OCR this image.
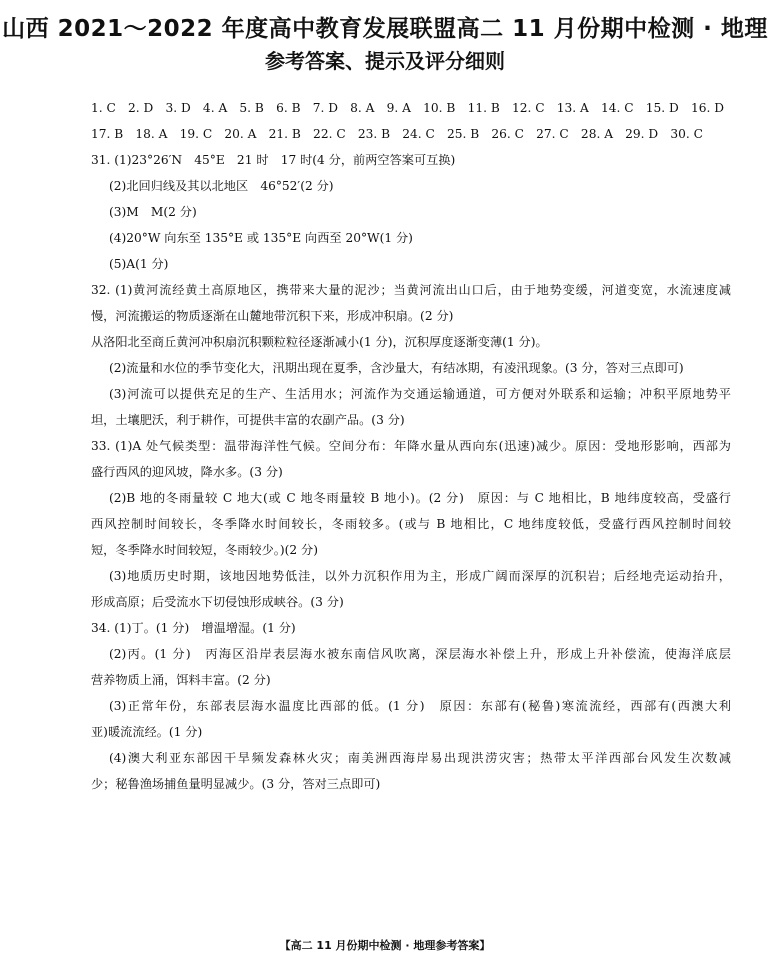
山西 2021～2022 年度高中教育发展联盟高二 11 月份期中检测 · 地理
参考答案、提示及评分细则
1. C　2. D　3. D　4. A　5. B　6. B　7. D　8. A　9. A　10. B　11. B　12. C　13. A　14. C　15. D　16. D
17. B　18. A　19. C　20. A　21. B　22. C　23. B　24. C　25. B　26. C　27. C　28. A　29. D　30. C
31. (1)23°26′N　45°E　21 时　17 时(4 分，前两空答案可互换)
(2)北回归线及其以北地区　46°52′(2 分)
(3)M　M(2 分)
(4)20°W 向东至 135°E 或 135°E 向西至 20°W(1 分)
(5)A(1 分)
32. (1)黄河流经黄土高原地区，携带来大量的泥沙；当黄河流出山口后，由于地势变缓，河道变宽，水流速度减
慢，河流搬运的物质逐渐在山麓地带沉积下来，形成冲积扇。(2 分)
从洛阳北至商丘黄河冲积扇沉积颗粒粒径逐渐减小(1 分)，沉积厚度逐渐变薄(1 分)。
(2)流量和水位的季节变化大，汛期出现在夏季，含沙量大，有结冰期，有凌汛现象。(3 分，答对三点即可)
(3)河流可以提供充足的生产、生活用水；河流作为交通运输通道，可方便对外联系和运输；冲积平原地势平
坦，土壤肥沃，利于耕作，可提供丰富的农副产品。(3 分)
33. (1)A 处气候类型：温带海洋性气候。空间分布：年降水量从西向东(迅速)减少。原因：受地形影响，西部为
盛行西风的迎风坡，降水多。(3 分)
(2)B 地的冬雨量较 C 地大(或 C 地冬雨量较 B 地小)。(2 分)　原因：与 C 地相比，B 地纬度较高，受盛行
西风控制时间较长，冬季降水时间较长，冬雨较多。(或与 B 地相比，C 地纬度较低，受盛行西风控制时间较
短，冬季降水时间较短，冬雨较少。)(2 分)
(3)地质历史时期，该地因地势低洼，以外力沉积作用为主，形成广阔而深厚的沉积岩；后经地壳运动抬升，
形成高原；后受流水下切侵蚀形成峡谷。(3 分)
34. (1)丁。(1 分)　增温增湿。(1 分)
(2)丙。(1 分)　丙海区沿岸表层海水被东南信风吹离，深层海水补偿上升，形成上升补偿流，使海洋底层
营养物质上涌，饵料丰富。(2 分)
(3)正常年份，东部表层海水温度比西部的低。(1 分)　原因：东部有(秘鲁)寒流流经，西部有(西澳大利
亚)暖流流经。(1 分)
(4)澳大利亚东部因干旱频发森林火灾；南美洲西海岸易出现洪涝灾害；热带太平洋西部台风发生次数减
少；秘鲁渔场捕鱼量明显减少。(3 分，答对三点即可)
【高二 11 月份期中检测 · 地理参考答案】
